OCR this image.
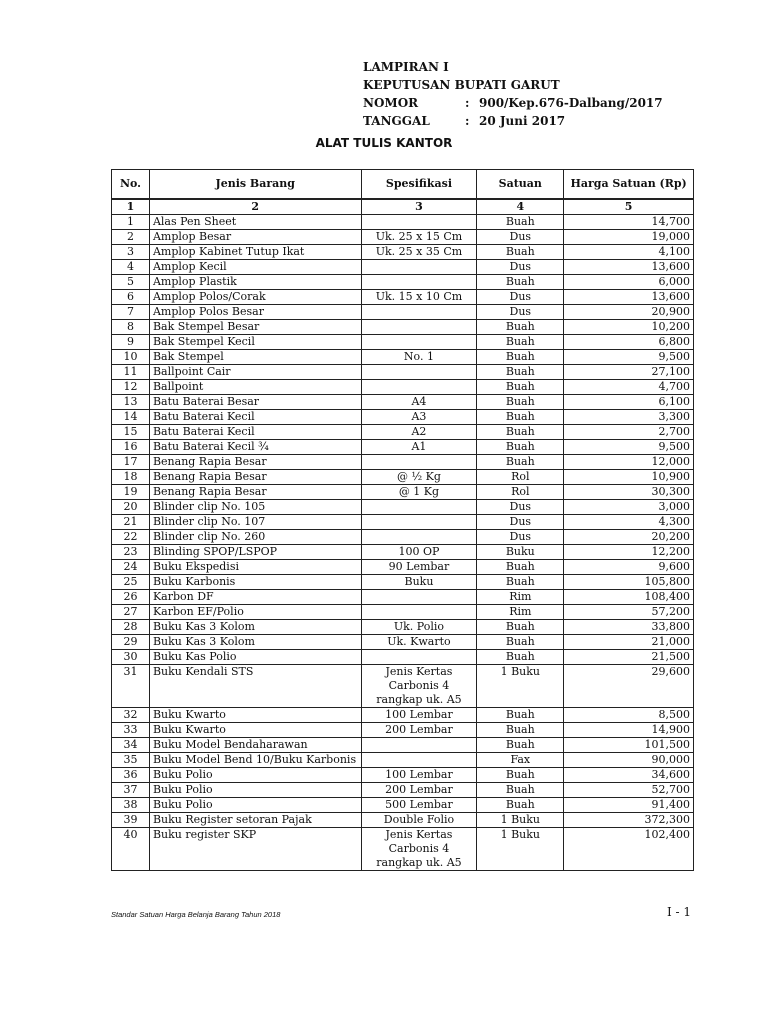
LAMPIRAN I
KEPUTUSAN BUPATI GARUT
NOMOR	: 900/Kep.676-Dalbang/2017
TANGGAL	: 20 Juni 2017
ALAT TULIS KANTOR
No.	Jenis Barang	Spesifikasi	Satuan	Harga Satuan (Rp)
1	2	3	4	5
1	Alas Pen Sheet		Buah	14,700
2	Amplop Besar	Uk. 25 x 15 Cm	Dus	19,000
3	Amplop Kabinet Tutup Ikat	Uk. 25 x 35 Cm	Buah	4,100
4	Amplop Kecil		Dus	13,600
5	Amplop Plastik		Buah	6,000
6	Amplop Polos/Corak	Uk. 15 x 10 Cm	Dus	13,600
7	Amplop Polos Besar		Dus	20,900
8	Bak Stempel Besar		Buah	10,200
9	Bak Stempel Kecil		Buah	6,800
10	Bak Stempel	No. 1	Buah	9,500
11	Ballpoint Cair		Buah	27,100
12	Ballpoint		Buah	4,700
13	Batu Baterai Besar	A4	Buah	6,100
14	Batu Baterai Kecil	A3	Buah	3,300
15	Batu Baterai Kecil	A2	Buah	2,700
16	Batu Baterai Kecil ¾	A1	Buah	9,500
17	Benang Rapia Besar		Buah	12,000
18	Benang Rapia Besar	@ ½ Kg	Rol	10,900
19	Benang Rapia Besar	@ 1 Kg	Rol	30,300
20	Blinder clip No. 105		Dus	3,000
21	Blinder clip No. 107		Dus	4,300
22	Blinder clip No. 260		Dus	20,200
23	Blinding SPOP/LSPOP	100 OP	Buku	12,200
24	Buku Ekspedisi	90 Lembar	Buah	9,600
25	Buku Karbonis	Buku	Buah	105,800
26	Karbon DF		Rim	108,400
27	Karbon EF/Polio		Rim	57,200
28	Buku Kas 3 Kolom	Uk. Polio	Buah	33,800
29	Buku Kas 3 Kolom	Uk. Kwarto	Buah	21,000
30	Buku Kas Polio		Buah	21,500
31	Buku Kendali STS	Jenis Kertas Carbonis 4 rangkap uk. A5	1 Buku	29,600
32	Buku Kwarto	100 Lembar	Buah	8,500
33	Buku Kwarto	200 Lembar	Buah	14,900
34	Buku Model Bendaharawan		Buah	101,500
35	Buku Model Bend 10/Buku Karbonis		Fax	90,000
36	Buku Polio	100 Lembar	Buah	34,600
37	Buku Polio	200 Lembar	Buah	52,700
38	Buku Polio	500 Lembar	Buah	91,400
39	Buku Register setoran Pajak	Double Folio	1 Buku	372,300
40	Buku register SKP	Jenis Kertas Carbonis 4 rangkap uk. A5	1 Buku	102,400
Standar Satuan Harga Belanja Barang Tahun 2018	I - 1
